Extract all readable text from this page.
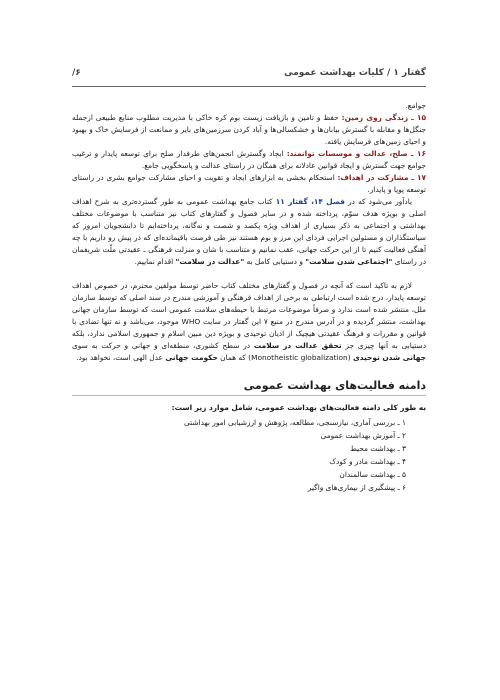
گفتار ۱ / کلیات بهداشت عمومی
۶/

جوامع.

۱۵ ـ زندگی روی زمین: حفظ و تامین و بازیافت زیست بوم کره خاکی با مدیریت مطلوب منابع طبیعی ازجمله جنگل‌ها و مقابله با گسترش بیابان‌ها و خشکسالی‌ها و آباد کردن سرزمین‌های بایر و ممانعت از فرسایش خاک و بهبود و احیای زمین‌های فرسایش یافته.

۱۶ ـ صلح، عدالت و موسسات توانمند: ایجاد وگسترش انجمن‌های طرفدار صلح برای توسعه پایدار و ترغیب جوامع جهت گسترش و ایجاد قوانین عادلانه برای همگان در راستای عدالت و پاسخگویی جامع.

۱۷ ـ مشارکت در اهداف: استحکام بخشی به ابزارهای ایجاد و تقویت و احیای مشارکت جوامع بشری در راستای توسعه پویا و پایدار.

یادآور می‌شود که در فصل ۱۴، گفتار ۱۱ کتاب جامع بهداشت عمومی به طور گسترده‌تری به شرح اهداف اصلی و بویژه هدف سوّم، پرداخته شده و در سایر فصول و گفتارهای کتاب نیز متناسب با موضوعات مختلف بهداشتی و اجتماعی به ذکر بسیاری از اهداف ویژه پکصد و شصت و نه‌گانه، پرداخته‌ایم تا دانشجویان امروز که سیاستگذاران و مسئولین اجرایی فردای این مرز و بوم هستند نیز طی فرصت باقیمانده‌ای که در پیش رو داریم با چه آهنگی فعالیت کنیم تا از این حرکت جهانی، عقب نمانیم و متناسب با شان و منزلت فرهنگی ـ عقیدتی ملّت شریفمان در راستای "اجتماعی شدن سلامت" و دستیابی کامل به "عدالت در سلامت" اقدام نماییم.

لازم به تاکید است که آنچه در فصول و گفتارهای مختلف کتاب حاضر توسط مولفین محترم، در خصوص اهداف توسعه پایدار، درج شده است ارتباطی به برخی از اهداف فرهنگی و آموزشی مندرج در سند اصلی که توسط سازمان ملل، منتشر شده است ندارد و صرفاً موضوعات مرتبط با حیطه‌های سلامت عمومی است که توسط سازمان جهانی بهداشت، منتشر گردیده و در آدرس مندرج در منبع ۷ این گفتار در سایت WHO موجود، می‌باشد و نه تنها تضادی با قوانین و مقررات و فرهنگ عقیدتی هیچیک از ادیان توحیدی و بویژه دین مبین اسلام و جمهوری اسلامی ندارد، بلکه دستیابی به آنها چیزی جز تحقق عدالت در سلامت در سطح کشوری، منطقه‌ای و جهانی و حرکت به سوی جهانی شدن توحیدی (Monotheistic globalization) که همان حکومت جهانی عدل الهی است، نخواهد بود.

دامنه فعالیت‌های بهداشت عمومی

به طور کلی دامنه فعالیت‌های بهداشت عمومی، شامل موارد زیر است:

۱ ـ بررسی آماری، نیازسنجی، مطالعه، پژوهش و ارزشیابی امور بهداشتی
۲ ـ آموزش بهداشت عمومی
۳ ـ بهداشت محیط
۴ ـ بهداشت مادر و کودک
۵ ـ بهداشت سالمندان
۶ ـ پیشگیری از بیماری‌های واگیر
